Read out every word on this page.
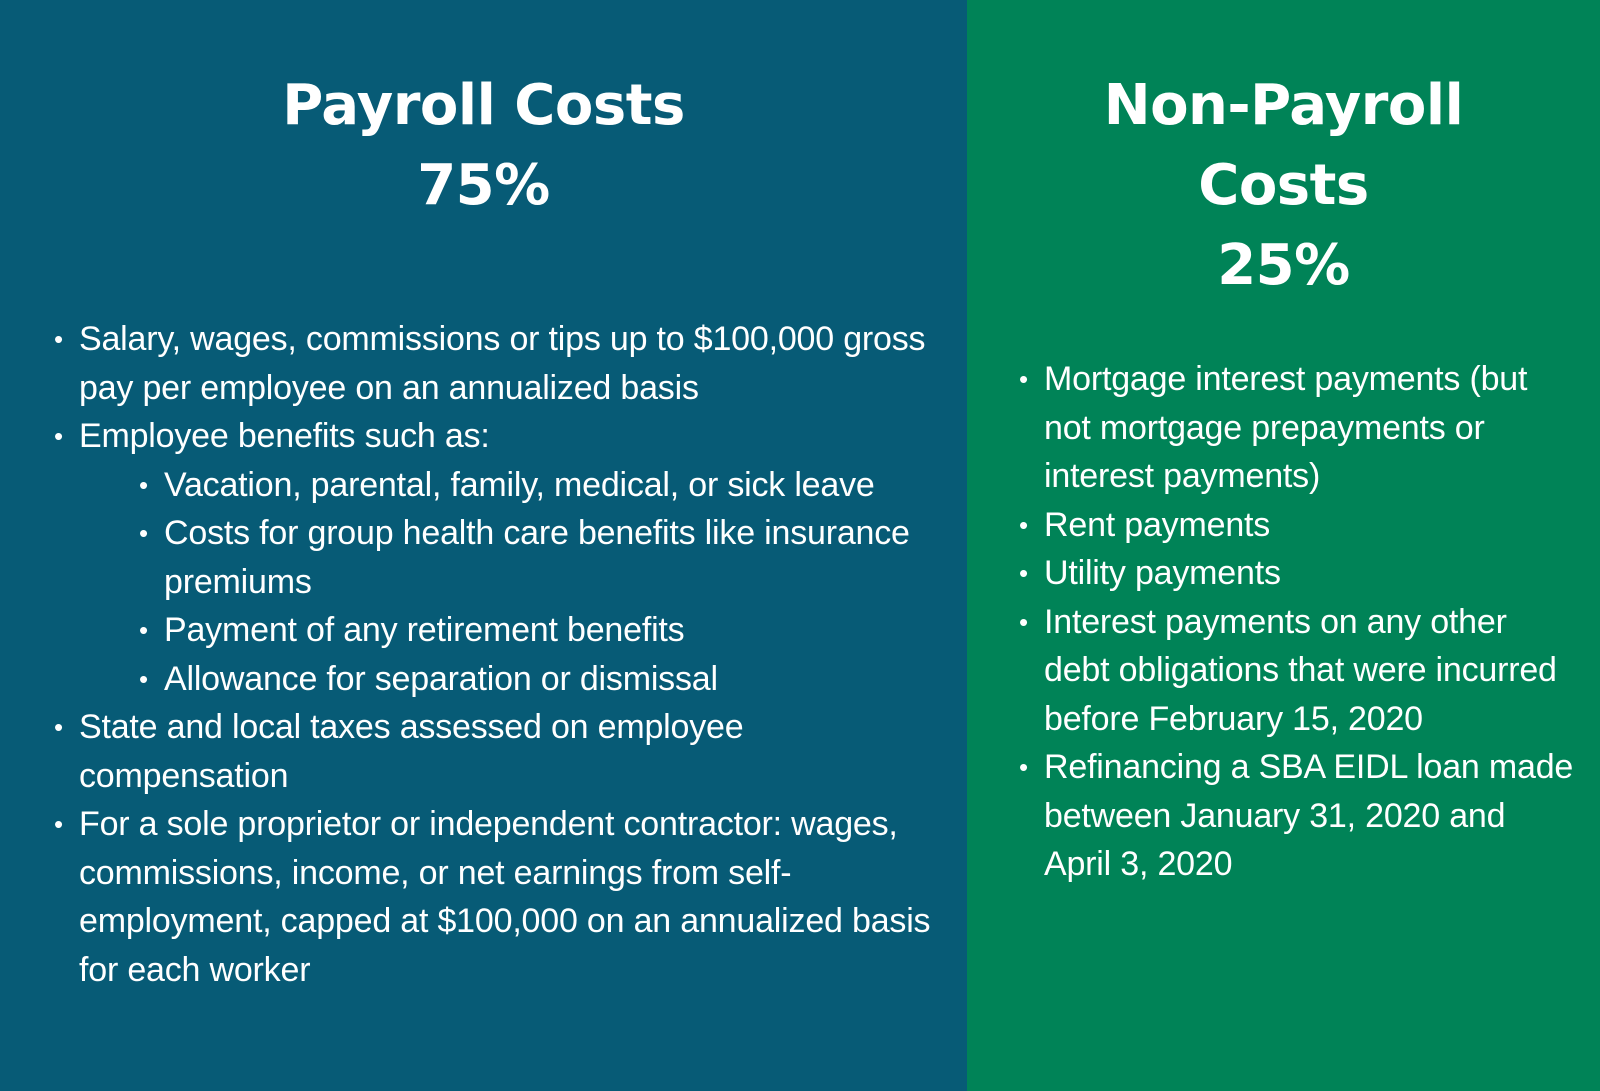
Payroll Costs
75%
• Salary, wages, commissions or tips up to $100,000 gross pay per employee on an annualized basis
• Employee benefits such as:
• Vacation, parental, family, medical, or sick leave
• Costs for group health care benefits like insurance premiums
• Payment of any retirement benefits
• Allowance for separation or dismissal
• State and local taxes assessed on employee compensation
• For a sole proprietor or independent contractor: wages, commissions, income, or net earnings from self-employment, capped at $100,000 on an annualized basis for each worker
Non-Payroll
Costs
25%
• Mortgage interest payments (but not mortgage prepayments or interest payments)
• Rent payments
• Utility payments
• Interest payments on any other debt obligations that were incurred before February 15, 2020
• Refinancing a SBA EIDL loan made between January 31, 2020 and April 3, 2020
